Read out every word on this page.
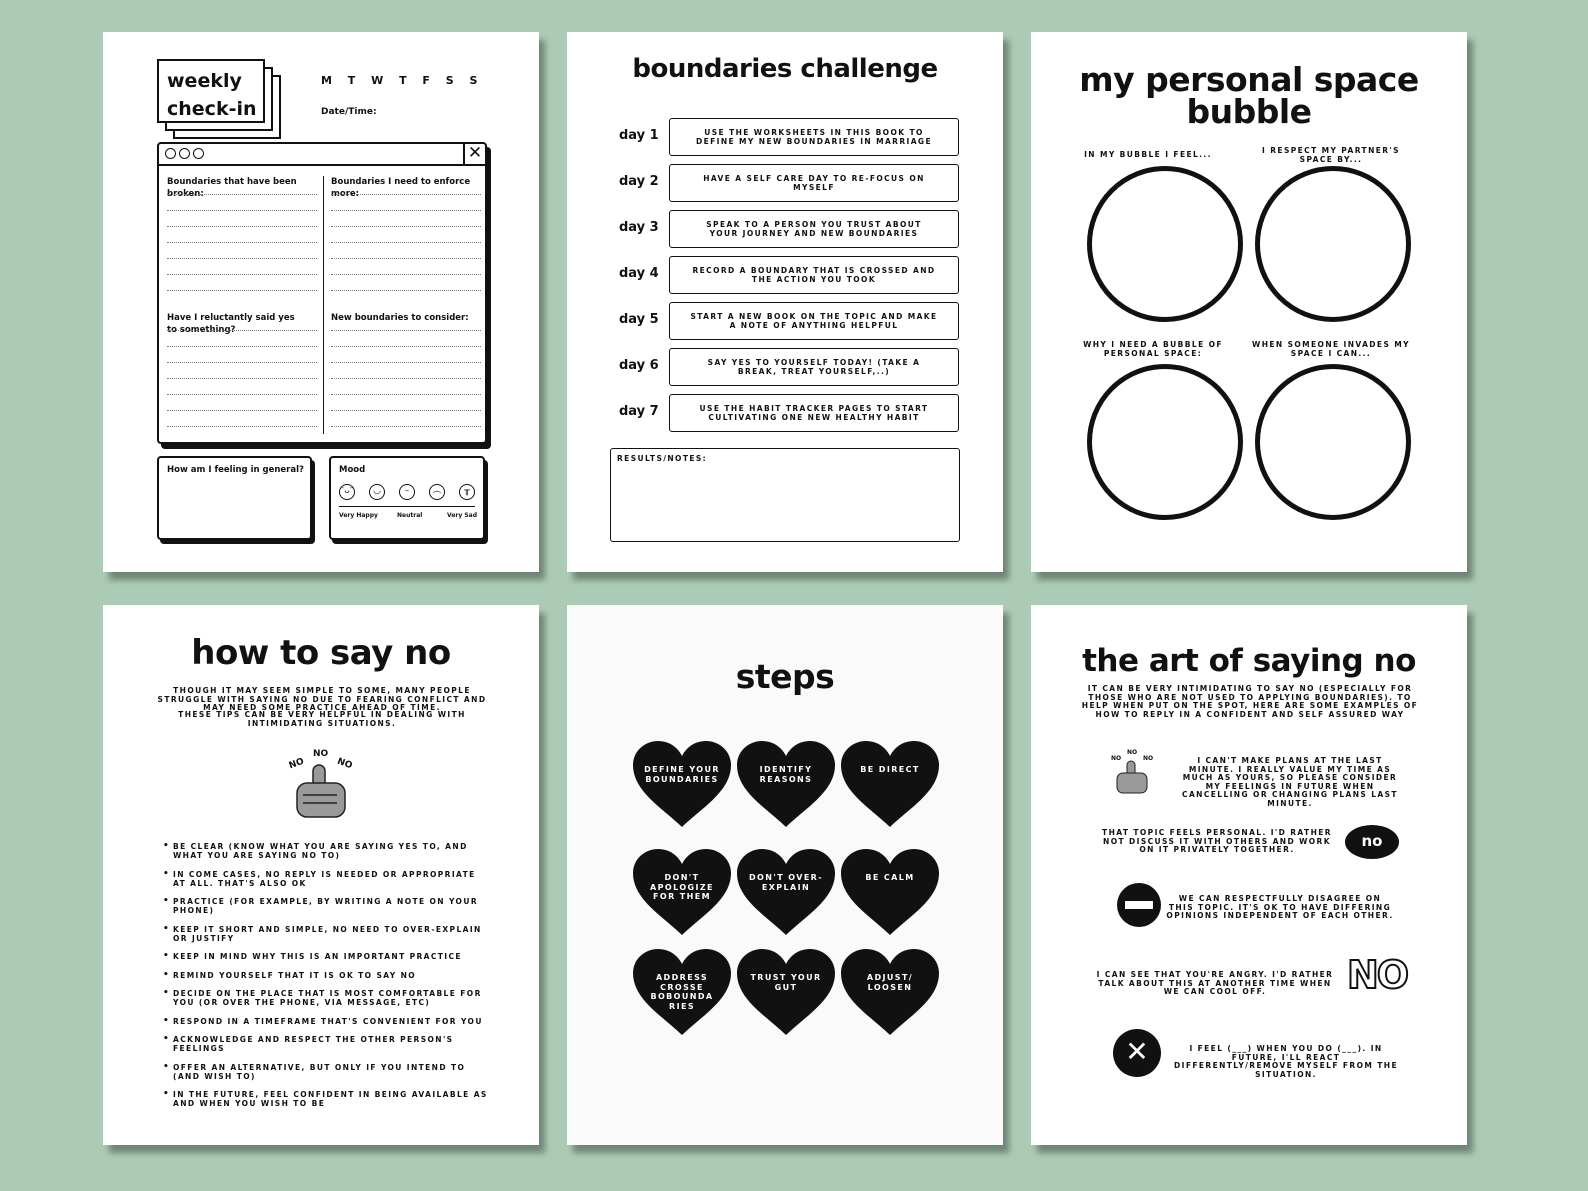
weekly
check-in
M T W T F S S
Date/Time:
✕
Boundaries that have been broken:
Boundaries I need to enforce more:
Have I reluctantly said yes to something?
New boundaries to consider:
How am I feeling in general?	Mood
ᵔᴗᵔ	◡	–	︵	╥
Very Happy	Neutral	Very Sad
boundaries challenge
day 1	USE THE WORKSHEETS IN THIS BOOK TO DEFINE MY NEW BOUNDARIES IN MARRIAGE
day 2	HAVE A SELF CARE DAY TO RE-FOCUS ON MYSELF
day 3	SPEAK TO A PERSON YOU TRUST ABOUT YOUR JOURNEY AND NEW BOUNDARIES
day 4	RECORD A BOUNDARY THAT IS CROSSED AND THE ACTION YOU TOOK
day 5	START A NEW BOOK ON THE TOPIC AND MAKE A NOTE OF ANYTHING HELPFUL
day 6	SAY YES TO YOURSELF TODAY! (TAKE A BREAK, TREAT YOURSELF,..)
day 7	USE THE HABIT TRACKER PAGES TO START CULTIVATING ONE NEW HEALTHY HABIT
RESULTS/NOTES:
my personal space
bubble
IN MY BUBBLE I FEEL...	I RESPECT MY PARTNER'S SPACE BY...
WHY I NEED A BUBBLE OF PERSONAL SPACE:
WHEN SOMEONE INVADES MY SPACE I CAN...
how to say no
THOUGH IT MAY SEEM SIMPLE TO SOME, MANY PEOPLE STRUGGLE WITH SAYING NO DUE TO FEARING CONFLICT AND MAY NEED SOME PRACTICE AHEAD OF TIME.
THESE TIPS CAN BE VERY HELPFUL IN DEALING WITH INTIMIDATING SITUATIONS.
NO
NO
NO
• BE CLEAR (KNOW WHAT YOU ARE SAYING YES TO, AND WHAT YOU ARE SAYING NO TO)
• IN COME CASES, NO REPLY IS NEEDED OR APPROPRIATE AT ALL. THAT'S ALSO OK
• PRACTICE (FOR EXAMPLE, BY WRITING A NOTE ON YOUR PHONE)
• KEEP IT SHORT AND SIMPLE, NO NEED TO OVER-EXPLAIN OR JUSTIFY
• KEEP IN MIND WHY THIS IS AN IMPORTANT PRACTICE
• REMIND YOURSELF THAT IT IS OK TO SAY NO
• DECIDE ON THE PLACE THAT IS MOST COMFORTABLE FOR YOU (OR OVER THE PHONE, VIA MESSAGE, ETC)
• RESPOND IN A TIMEFRAME THAT'S CONVENIENT FOR YOU
• ACKNOWLEDGE AND RESPECT THE OTHER PERSON'S FEELINGS
• OFFER AN ALTERNATIVE, BUT ONLY IF YOU INTEND TO (AND WISH TO)
• IN THE FUTURE, FEEL CONFIDENT IN BEING AVAILABLE AS AND WHEN YOU WISH TO BE
steps
DEFINE YOUR BOUNDARIES
IDENTIFY REASONS
BE DIRECT
DON'T APOLOGIZE FOR THEM
DON'T OVER-EXPLAIN
BE CALM
ADDRESS CROSSE BOBOUNDA RIES
TRUST YOUR GUT
ADJUST/ LOOSEN
the art of saying no
IT CAN BE VERY INTIMIDATING TO SAY NO (ESPECIALLY FOR THOSE WHO ARE NOT USED TO APPLYING BOUNDARIES). TO HELP WHEN PUT ON THE SPOT, HERE ARE SOME EXAMPLES OF HOW TO REPLY IN A CONFIDENT AND SELF ASSURED WAY
NO
NO
NO	I CAN'T MAKE PLANS AT THE LAST MINUTE. I REALLY VALUE MY TIME AS MUCH AS YOURS, SO PLEASE CONSIDER MY FEELINGS IN FUTURE WHEN CANCELLING OR CHANGING PLANS LAST MINUTE.
THAT TOPIC FEELS PERSONAL. I'D RATHER NOT DISCUSS IT WITH OTHERS AND WORK ON IT PRIVATELY TOGETHER.	no
WE CAN RESPECTFULLY DISAGREE ON THIS TOPIC. IT'S OK TO HAVE DIFFERING OPINIONS INDEPENDENT OF EACH OTHER.
I CAN SEE THAT YOU'RE ANGRY. I'D RATHER TALK ABOUT THIS AT ANOTHER TIME WHEN WE CAN COOL OFF.	NO
✕	I FEEL (___) WHEN YOU DO (___). IN FUTURE, I'LL REACT DIFFERENTLY/REMOVE MYSELF FROM THE SITUATION.
